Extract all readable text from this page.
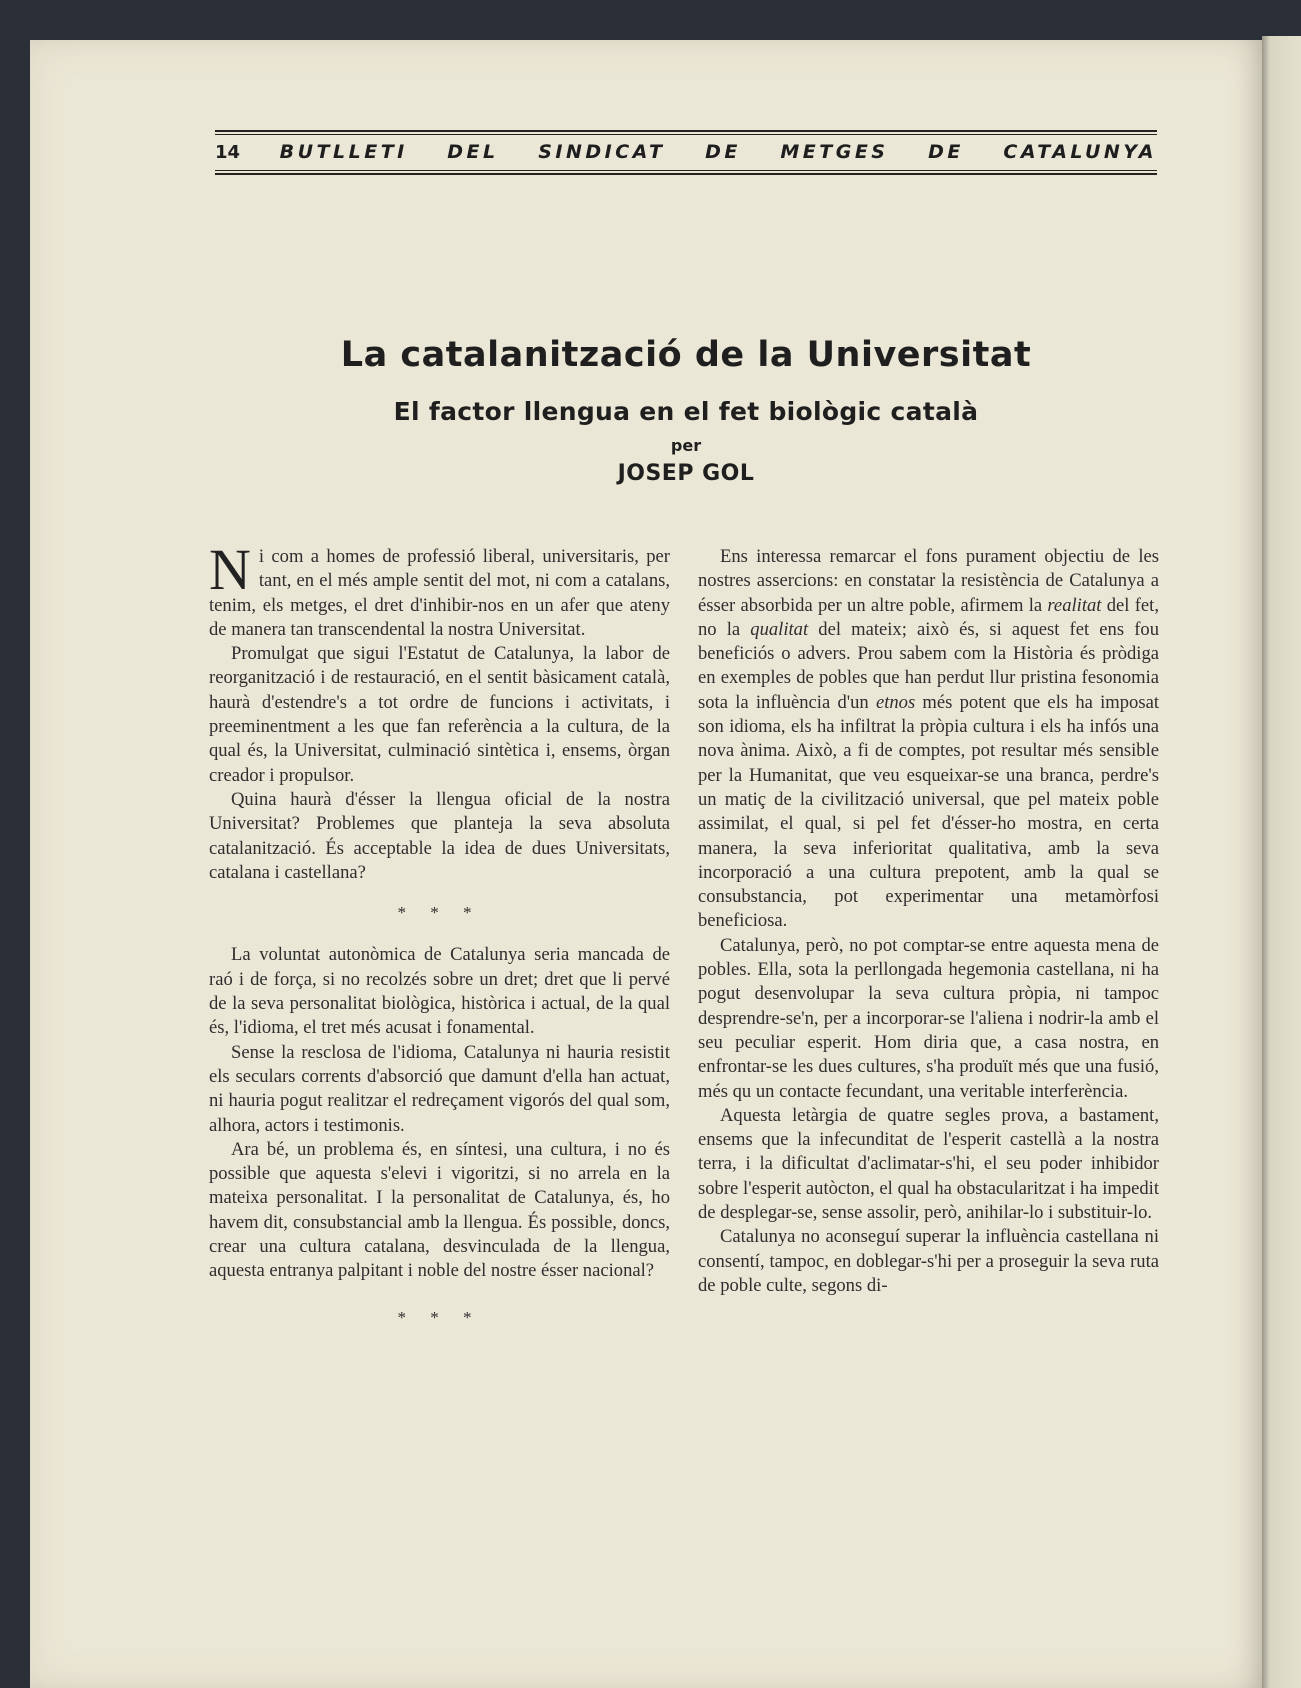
14 BUTLLETI DEL SINDICAT DE METGES DE CATALUNYA
La catalanització de la Universitat
El factor llengua en el fet biològic català
per
JOSEP GOL

Ni com a homes de professió liberal, universitaris, per tant, en el més ample sentit del mot, ni com a catalans, tenim, els metges, el dret d'inhibir-nos en un afer que ateny de manera tan transcendental la nostra Universitat.

Promulgat que sigui l'Estatut de Catalunya, la labor de reorganització i de restauració, en el sentit bàsicament català, haurà d'estendre's a tot ordre de funcions i activitats, i preeminentment a les que fan referència a la cultura, de la qual és, la Universitat, culminació sintètica i, ensems, òrgan creador i propulsor.

Quina haurà d'ésser la llengua oficial de la nostra Universitat? Problemes que planteja la seva absoluta catalanització. És acceptable la idea de dues Universitats, catalana i castellana?

* * *

La voluntat autonòmica de Catalunya seria mancada de raó i de força, si no recolzés sobre un dret; dret que li pervé de la seva personalitat biològica, històrica i actual, de la qual és, l'idioma, el tret més acusat i fonamental.

Sense la resclosa de l'idioma, Catalunya ni hauria resistit els seculars corrents d'absorció que damunt d'ella han actuat, ni hauria pogut realitzar el redreçament vigorós del qual som, alhora, actors i testimonis.

Ara bé, un problema és, en síntesi, una cultura, i no és possible que aquesta s'elevi i vigoritzi, si no arrela en la mateixa personalitat. I la personalitat de Catalunya, és, ho havem dit, consubstancial amb la llengua. És possible, doncs, crear una cultura catalana, desvinculada de la llengua, aquesta entranya palpitant i noble del nostre ésser nacional?

* * *

Ens interessa remarcar el fons purament objectiu de les nostres assercions: en constatar la resistència de Catalunya a ésser absorbida per un altre poble, afirmem la realitat del fet, no la qualitat del mateix; això és, si aquest fet ens fou beneficiós o advers. Prou sabem com la Història és pròdiga en exemples de pobles que han perdut llur pristina fesonomia sota la influència d'un etnos més potent que els ha imposat son idioma, els ha infiltrat la pròpia cultura i els ha infós una nova ànima. Això, a fi de comptes, pot resultar més sensible per la Humanitat, que veu esqueixar-se una branca, perdre's un matiç de la civilització universal, que pel mateix poble assimilat, el qual, si pel fet d'ésser-ho mostra, en certa manera, la seva inferioritat qualitativa, amb la seva incorporació a una cultura prepotent, amb la qual se consubstancia, pot experimentar una metamòrfosi beneficiosa.

Catalunya, però, no pot comptar-se entre aquesta mena de pobles. Ella, sota la perllongada hegemonia castellana, ni ha pogut desenvolupar la seva cultura pròpia, ni tampoc desprendre-se'n, per a incorporar-se l'aliena i nodrir-la amb el seu peculiar esperit. Hom diria que, a casa nostra, en enfrontar-se les dues cultures, s'ha produït més que una fusió, més qu un contacte fecundant, una veritable interferència.

Aquesta letàrgia de quatre segles prova, a bastament, ensems que la infecunditat de l'esperit castellà a la nostra terra, i la dificultat d'aclimatar-s'hi, el seu poder inhibidor sobre l'esperit autòcton, el qual ha obstacularitzat i ha impedit de desplegar-se, sense assolir, però, anihilar-lo i substituir-lo.

Catalunya no aconseguí superar la influència castellana ni consentí, tampoc, en doblegar-s'hi per a proseguir la seva ruta de poble culte, segons di-
